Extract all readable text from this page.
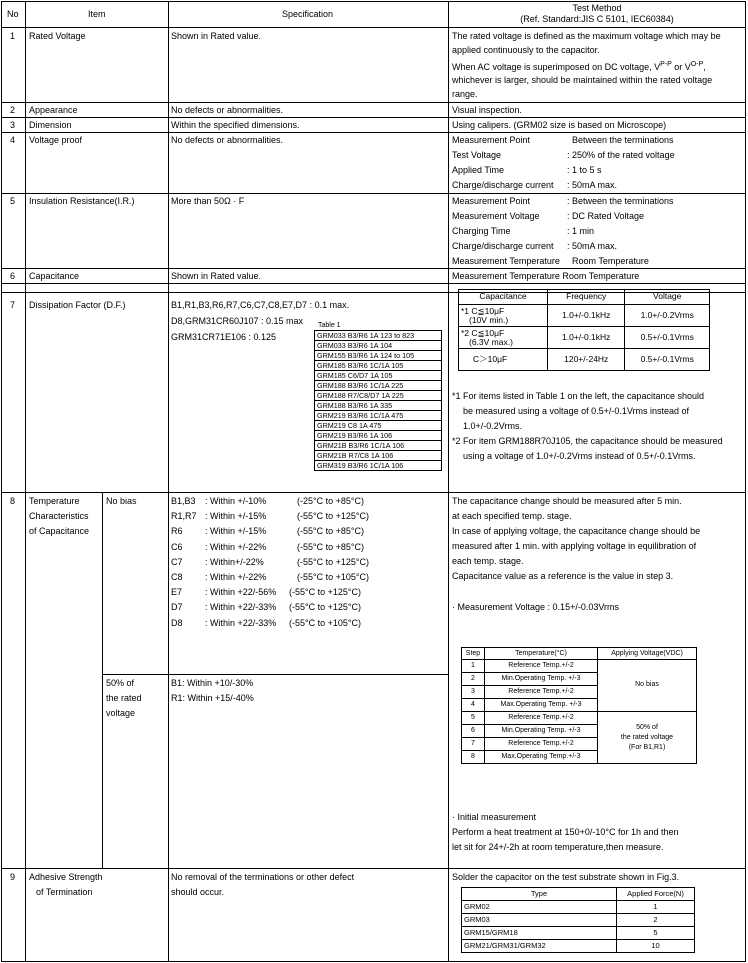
No	Item	Specification
Test Method
(Ref. Standard:JIS C 5101, IEC60384)
1 Rated Voltage	Shown in Rated value.	The rated voltage is defined as the maximum voltage which may be
applied continuously to the capacitor.
When AC voltage is superimposed on DC voltage, $V^{P-P}$ or $V^{O-P}$,
whichever is larger, should be maintained within the rated voltage
range.
2 Appearance	No defects or abnormalities.	Visual inspection.
3 Dimension	Within the specified dimensions.	Using calipers. (GRM02 size is based on Microscope)
4 Voltage proof	No defects or abnormalities.	Measurement Point	Between the terminations
Test Voltage	: 250% of the rated voltage
Applied Time	: 1 to 5 s
Charge/discharge current : 50mA max.
5 Insulation Resistance(I.R.)	More than 50Ω · F	Measurement Point	: Between the terminations
Measurement Voltage	: DC Rated Voltage
Charging Time	: 1 min
Charge/discharge current : 50mA max.
Measurement Temperature Room Temperature
6 Capacitance	Shown in Rated value.	Measurement Temperature Room Temperature
7 Dissipation Factor (D.F.)	B1,R1,B3,R6,R7,C6,C7,C8,E7,D7 : 0.1 max.
D8,GRM31CR60J107 : 0.15 max
GRM31CR71E106 : 0.125
Table 1
GRM033 B3/R6 1A 123 to 823
GRM033 B3/R6 1A 104
GRM155 B3/R6 1A 124 to 105
GRM185 B3/R6 1C/1A 105
GRM185 C6/D7 1A 105
GRM188 B3/R6 1C/1A 225
GRM188 R7/C8/D7 1A 225
GRM188 B3/R6 1A 335
GRM219 B3/R6 1C/1A 475
GRM219 C8 1A 475
GRM219 B3/R6 1A 106
GRM21B B3/R6 1C/1A 106
GRM21B R7/C8 1A 106
GRM319 B3/R6 1C/1A 106
Capacitance	Frequency	Voltage

*1 C≦10μF
(10V min.)	1.0+/-0.1kHz	1.0+/-0.2Vrms

*2 C≦10μF
(6.3V max.)	1.0+/-0.1kHz	0.5+/-0.1Vrms

C＞10μF	120+/-24Hz	0.5+/-0.1Vrms
*1 For items listed in Table 1 on the left, the capacitance should
be measured using a voltage of 0.5+/-0.1Vrms instead of
1.0+/-0.2Vrms.
*2 For item GRM188R70J105, the capacitance should be measured
using a voltage of 1.0+/-0.2Vrms instead of 0.5+/-0.1Vrms.
8 Temperature
Characteristics
of Capacitance
No bias	B1,B3 : Within +/-10%	(-25°C to +85°C)
R1,R7 : Within +/-15%	(-55°C to +125°C)
R6 : Within +/-15%	(-55°C to +85°C)
C6 : Within +/-22%	(-55°C to +85°C)
C7 : Within+/-22%	(-55°C to +125°C)
C8 : Within +/-22%	(-55°C to +105°C)
E7	: Within +22/-56% (-55°C to +125°C)
D7 : Within +22/-33% (-55°C to +125°C)
D8 : Within +22/-33% (-55°C to +105°C)
50% of
the rated
voltage
B1: Within +10/-30%
R1: Within +15/-40%
The capacitance change should be measured after 5 min.
at each specified temp. stage.
In case of applying voltage, the capacitance change should be
measured after 1 min. with applying voltage in equilibration of
each temp. stage.
Capacitance value as a reference is the value in step 3.
· Measurement Voltage : 0.15+/-0.03Vrms
Step	Temperature(°C)	Applying Voltage(VDC)
1	Reference Temp.+/-2	No bias
2	Min.Operating Temp. +/-3	
3	Reference Temp.+/-2	
4	Max.Operating Temp. +/-3	
5	Reference Temp.+/-2	50% of
the rated voltage
(For B1,R1)

6	Min.Operating Temp. +/-3	
7	Reference Temp.+/-2	
8	Max.Operating Temp.+/-3	
· Initial measurement
Perform a heat treatment at 150+0/-10°C for 1h and then
let sit for 24+/-2h at room temperature,then measure.
9 Adhesive Strength
of Termination
No removal of the terminations or other defect
should occur.
Solder the capacitor on the test substrate shown in Fig.3.
Type	Applied Force(N)
GRM02	1
GRM03	2
GRM15/GRM18	5
GRM21/GRM31/GRM32	10
